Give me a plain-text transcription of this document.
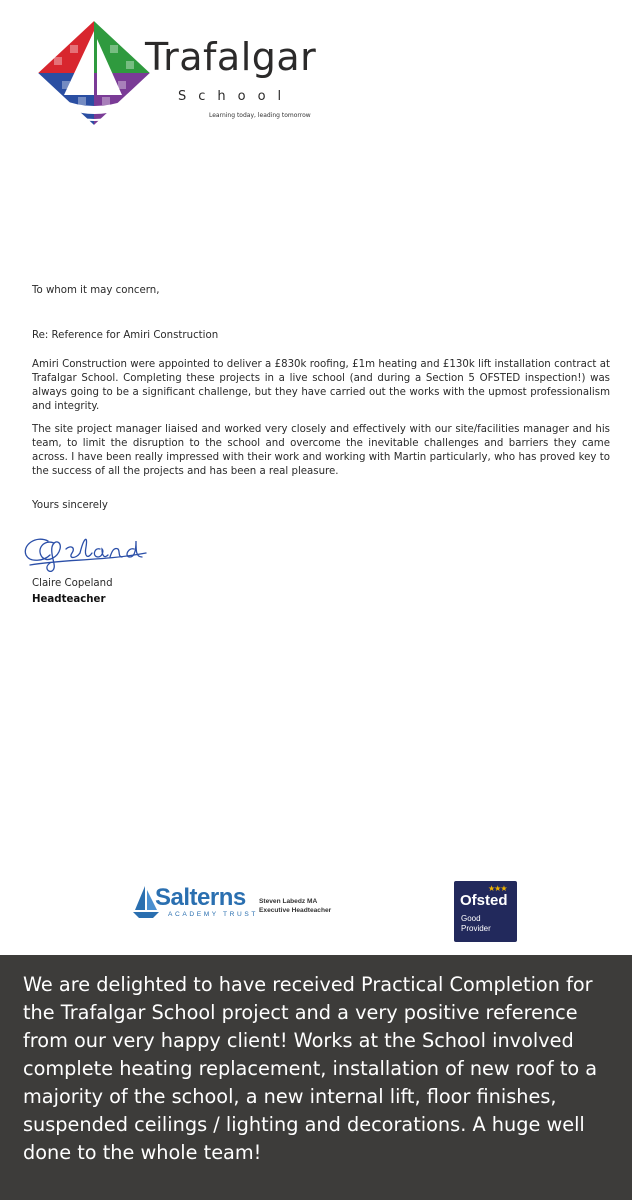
Trafalgar
School
Learning today, leading tomorrow
To whom it may concern,
Re: Reference for Amiri Construction
Amiri Construction were appointed to deliver a £830k roofing, £1m heating and £130k lift installation contract at Trafalgar School. Completing these projects in a live school (and during a Section 5 OFSTED inspection!) was always going to be a significant challenge, but they have carried out the works with the upmost professionalism and integrity.
The site project manager liaised and worked very closely and effectively with our site/facilities manager and his team, to limit the disruption to the school and overcome the inevitable challenges and barriers they came across. I have been really impressed with their work and working with Martin particularly, who has proved key to the success of all the projects and has been a real pleasure.
Yours sincerely
Claire Copeland
Headteacher
Salterns
ACADEMY TRUST
Steven Labedz MA
Executive Headteacher
★★★
Ofsted
Good
Provider
We are delighted to have received Practical Completion for the Trafalgar School project and a very positive reference from our very happy client! Works at the School involved complete heating replacement, installation of new roof to a majority of the school, a new internal lift, floor finishes, suspended ceilings / lighting and decorations. A huge well done to the whole team!
